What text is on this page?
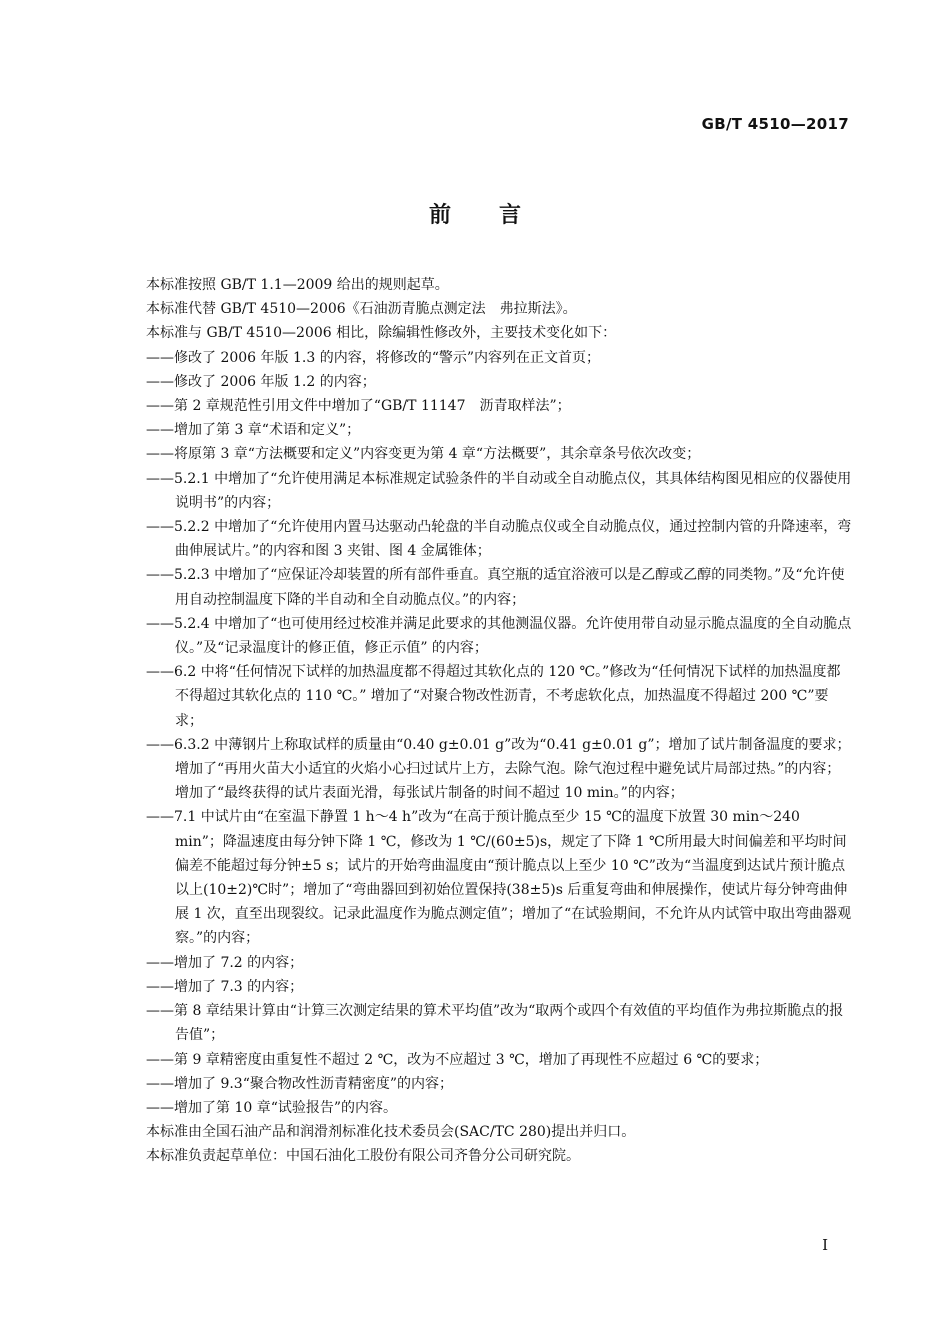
GB/T 4510—2017
前言

本标准按照 GB/T 1.1—2009 给出的规则起草。

本标准代替 GB/T 4510—2006《石油沥青脆点测定法　弗拉斯法》。

本标准与 GB/T 4510—2006 相比，除编辑性修改外，主要技术变化如下：

——修改了 2006 年版 1.3 的内容，将修改的“警示”内容列在正文首页；

——修改了 2006 年版 1.2 的内容；

——第 2 章规范性引用文件中增加了“GB/T 11147　沥青取样法”；

——增加了第 3 章“术语和定义”；

——将原第 3 章“方法概要和定义”内容变更为第 4 章“方法概要”，其余章条号依次改变；

——5.2.1 中增加了“允许使用满足本标准规定试验条件的半自动或全自动脆点仪，其具体结构图见相应的仪器使用说明书”的内容；

——5.2.2 中增加了“允许使用内置马达驱动凸轮盘的半自动脆点仪或全自动脆点仪，通过控制内管的升降速率，弯曲伸展试片。”的内容和图 3 夹钳、图 4 金属锥体；

——5.2.3 中增加了“应保证冷却装置的所有部件垂直。真空瓶的适宜浴液可以是乙醇或乙醇的同类物。”及“允许使用自动控制温度下降的半自动和全自动脆点仪。”的内容；

——5.2.4 中增加了“也可使用经过校准并满足此要求的其他测温仪器。允许使用带自动显示脆点温度的全自动脆点仪。”及“记录温度计的修正值，修正示值” 的内容；

——6.2 中将“任何情况下试样的加热温度都不得超过其软化点的 120 ℃。”修改为“任何情况下试样的加热温度都不得超过其软化点的 110 ℃。” 增加了“对聚合物改性沥青，不考虑软化点，加热温度不得超过 200 ℃”要求；

——6.3.2 中薄钢片上称取试样的质量由“0.40 g±0.01 g”改为“0.41 g±0.01 g”；增加了试片制备温度的要求；增加了“再用火苗大小适宜的火焰小心扫过试片上方，去除气泡。除气泡过程中避免试片局部过热。”的内容；增加了“最终获得的试片表面光滑，每张试片制备的时间不超过 10 min。”的内容；

——7.1 中试片由“在室温下静置 1 h～4 h”改为“在高于预计脆点至少 15 ℃的温度下放置 30 min～240 min”；降温速度由每分钟下降 1 ℃，修改为 1 ℃/(60±5)s，规定了下降 1 ℃所用最大时间偏差和平均时间偏差不能超过每分钟±5 s；试片的开始弯曲温度由“预计脆点以上至少 10 ℃”改为“当温度到达试片预计脆点以上(10±2)℃时”；增加了“弯曲器回到初始位置保持(38±5)s 后重复弯曲和伸展操作，使试片每分钟弯曲伸展 1 次，直至出现裂纹。记录此温度作为脆点测定值”；增加了“在试验期间，不允许从内试管中取出弯曲器观察。”的内容；

——增加了 7.2 的内容；

——增加了 7.3 的内容；

——第 8 章结果计算由“计算三次测定结果的算术平均值”改为“取两个或四个有效值的平均值作为弗拉斯脆点的报告值”；

——第 9 章精密度由重复性不超过 2 ℃，改为不应超过 3 ℃，增加了再现性不应超过 6 ℃的要求；

——增加了 9.3“聚合物改性沥青精密度”的内容；

——增加了第 10 章“试验报告”的内容。

本标准由全国石油产品和润滑剂标准化技术委员会(SAC/TC 280)提出并归口。

本标准负责起草单位：中国石油化工股份有限公司齐鲁分公司研究院。

I
